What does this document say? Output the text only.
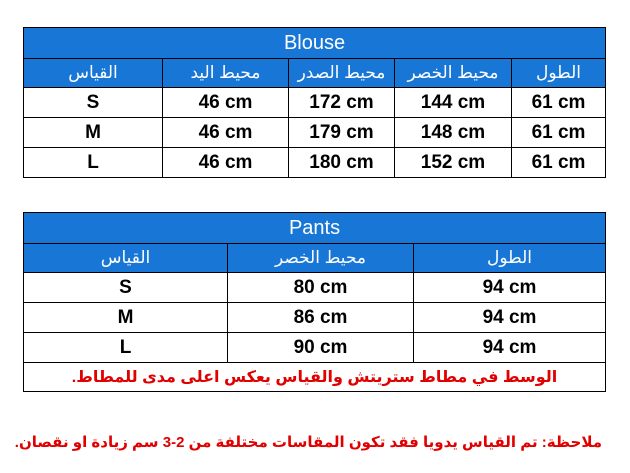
Blouse				
القياس	محيط اليد	محيط الصدر	محيط الخصر	الطول
S	46 cm	172 cm	144 cm	61 cm
M	46 cm	179 cm	148 cm	61 cm
L	46 cm	180 cm	152 cm	61 cm
Pants		
القياس	محيط الخصر	الطول
S	80 cm	94 cm
M	86 cm	94 cm
L	90 cm	94 cm
الوسط في مطاط ستريتش والقياس يعكس اعلى مدى للمطاط.		
ملاحظة: تم القياس يدويا فقد تكون المقاسات مختلفة من 2-3 سم زيادة او نقصان.
